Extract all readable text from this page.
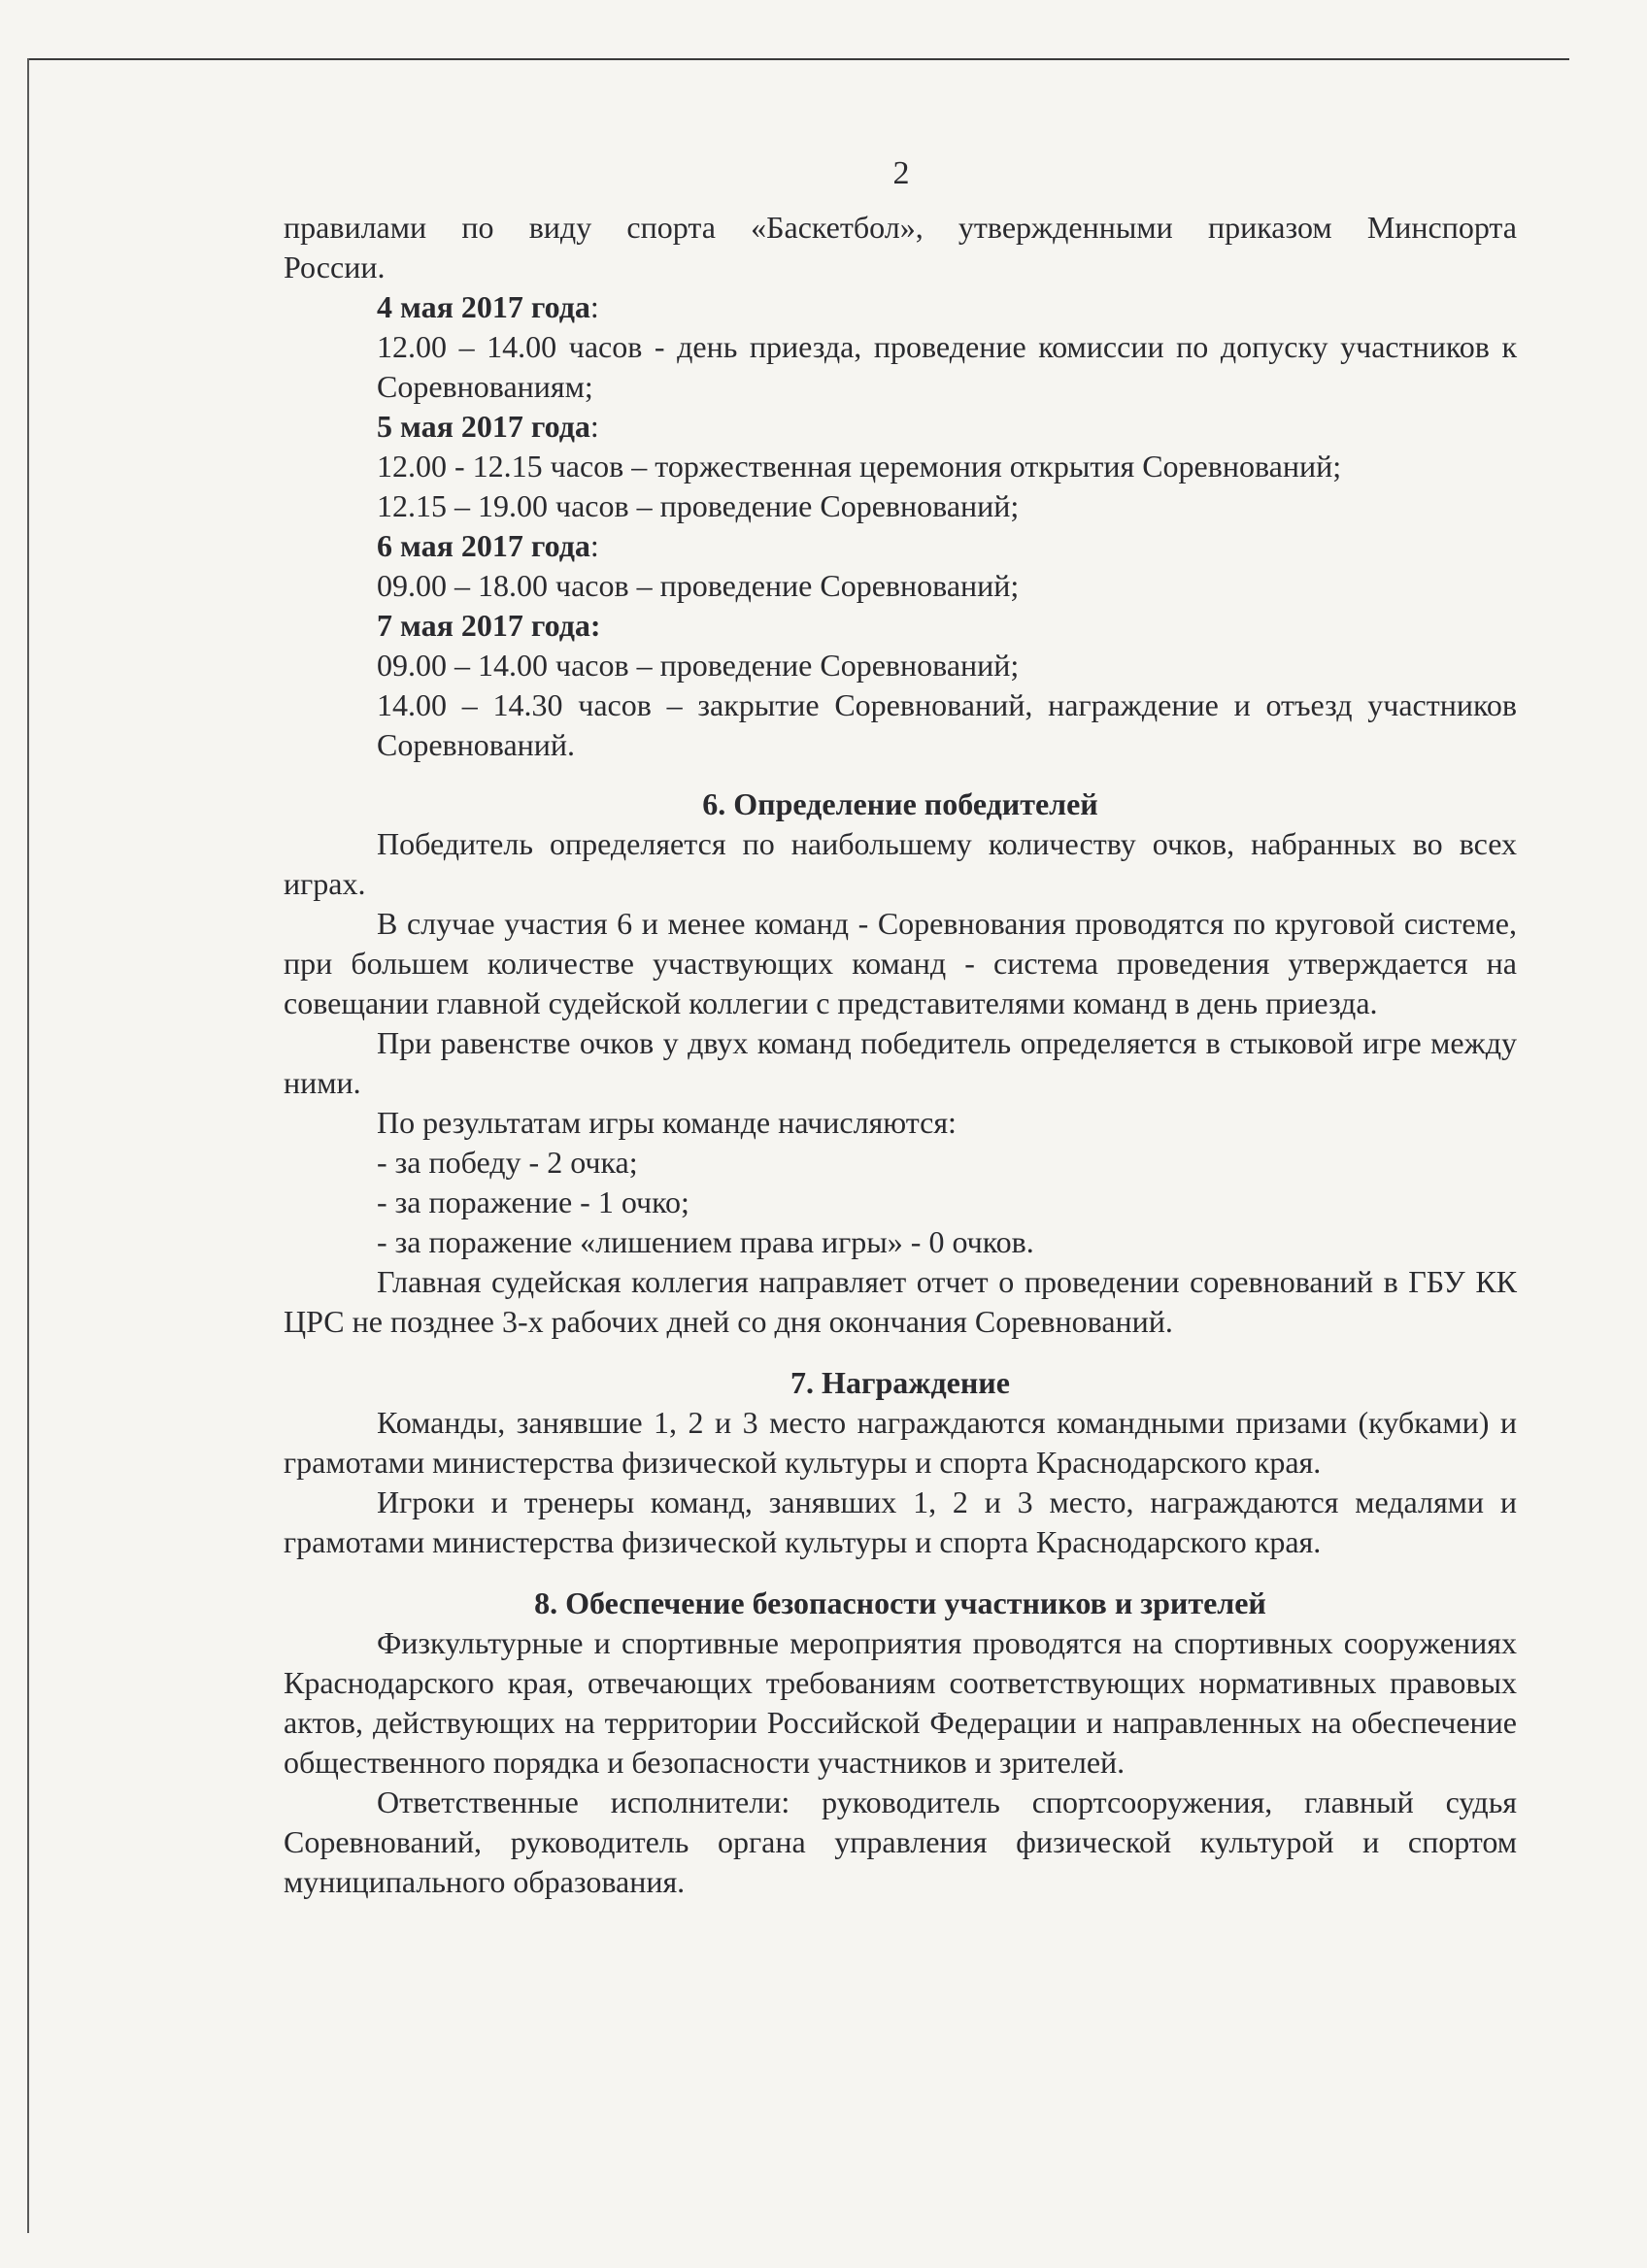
2

правилами по виду спорта «Баскетбол», утвержденными приказом Минспорта

России.

4 мая 2017 года:

12.00 – 14.00 часов - день приезда, проведение комиссии по допуску участников к Соревнованиям;

5 мая 2017 года:

12.00 - 12.15 часов – торжественная церемония открытия Соревнований;

12.15 – 19.00 часов – проведение Соревнований;

6 мая 2017 года:

09.00 – 18.00 часов – проведение Соревнований;

7 мая 2017 года:

09.00 – 14.00 часов – проведение Соревнований;

14.00 – 14.30 часов – закрытие Соревнований, награждение и отъезд участников Соревнований.

6. Определение победителей

Победитель определяется по наибольшему количеству очков, набранных во всех играх.

В случае участия 6 и менее команд - Соревнования проводятся по круговой системе, при большем количестве участвующих команд - система проведения утверждается на совещании главной судейской коллегии с представителями команд в день приезда.

При равенстве очков у двух команд победитель определяется в стыковой игре между ними.

По результатам игры команде начисляются:

- за победу - 2 очка;

- за поражение - 1 очко;

- за поражение «лишением права игры» - 0 очков.

Главная судейская коллегия направляет отчет о проведении соревнований в ГБУ КК ЦРС не позднее 3-х рабочих дней со дня окончания Соревнований.

7. Награждение

Команды, занявшие 1, 2 и 3 место награждаются командными призами (кубками) и грамотами министерства физической культуры и спорта Краснодарского края.

Игроки и тренеры команд, занявших 1, 2 и 3 место, награждаются медалями и грамотами министерства физической культуры и спорта Краснодарского края.

8. Обеспечение безопасности участников и зрителей

Физкультурные и спортивные мероприятия проводятся на спортивных сооружениях Краснодарского края, отвечающих требованиям соответствующих нормативных правовых актов, действующих на территории Российской Федерации и направленных на обеспечение общественного порядка и безопасности участников и зрителей.

Ответственные исполнители: руководитель спортсооружения, главный судья Соревнований, руководитель органа управления физической культурой и спортом муниципального образования.
